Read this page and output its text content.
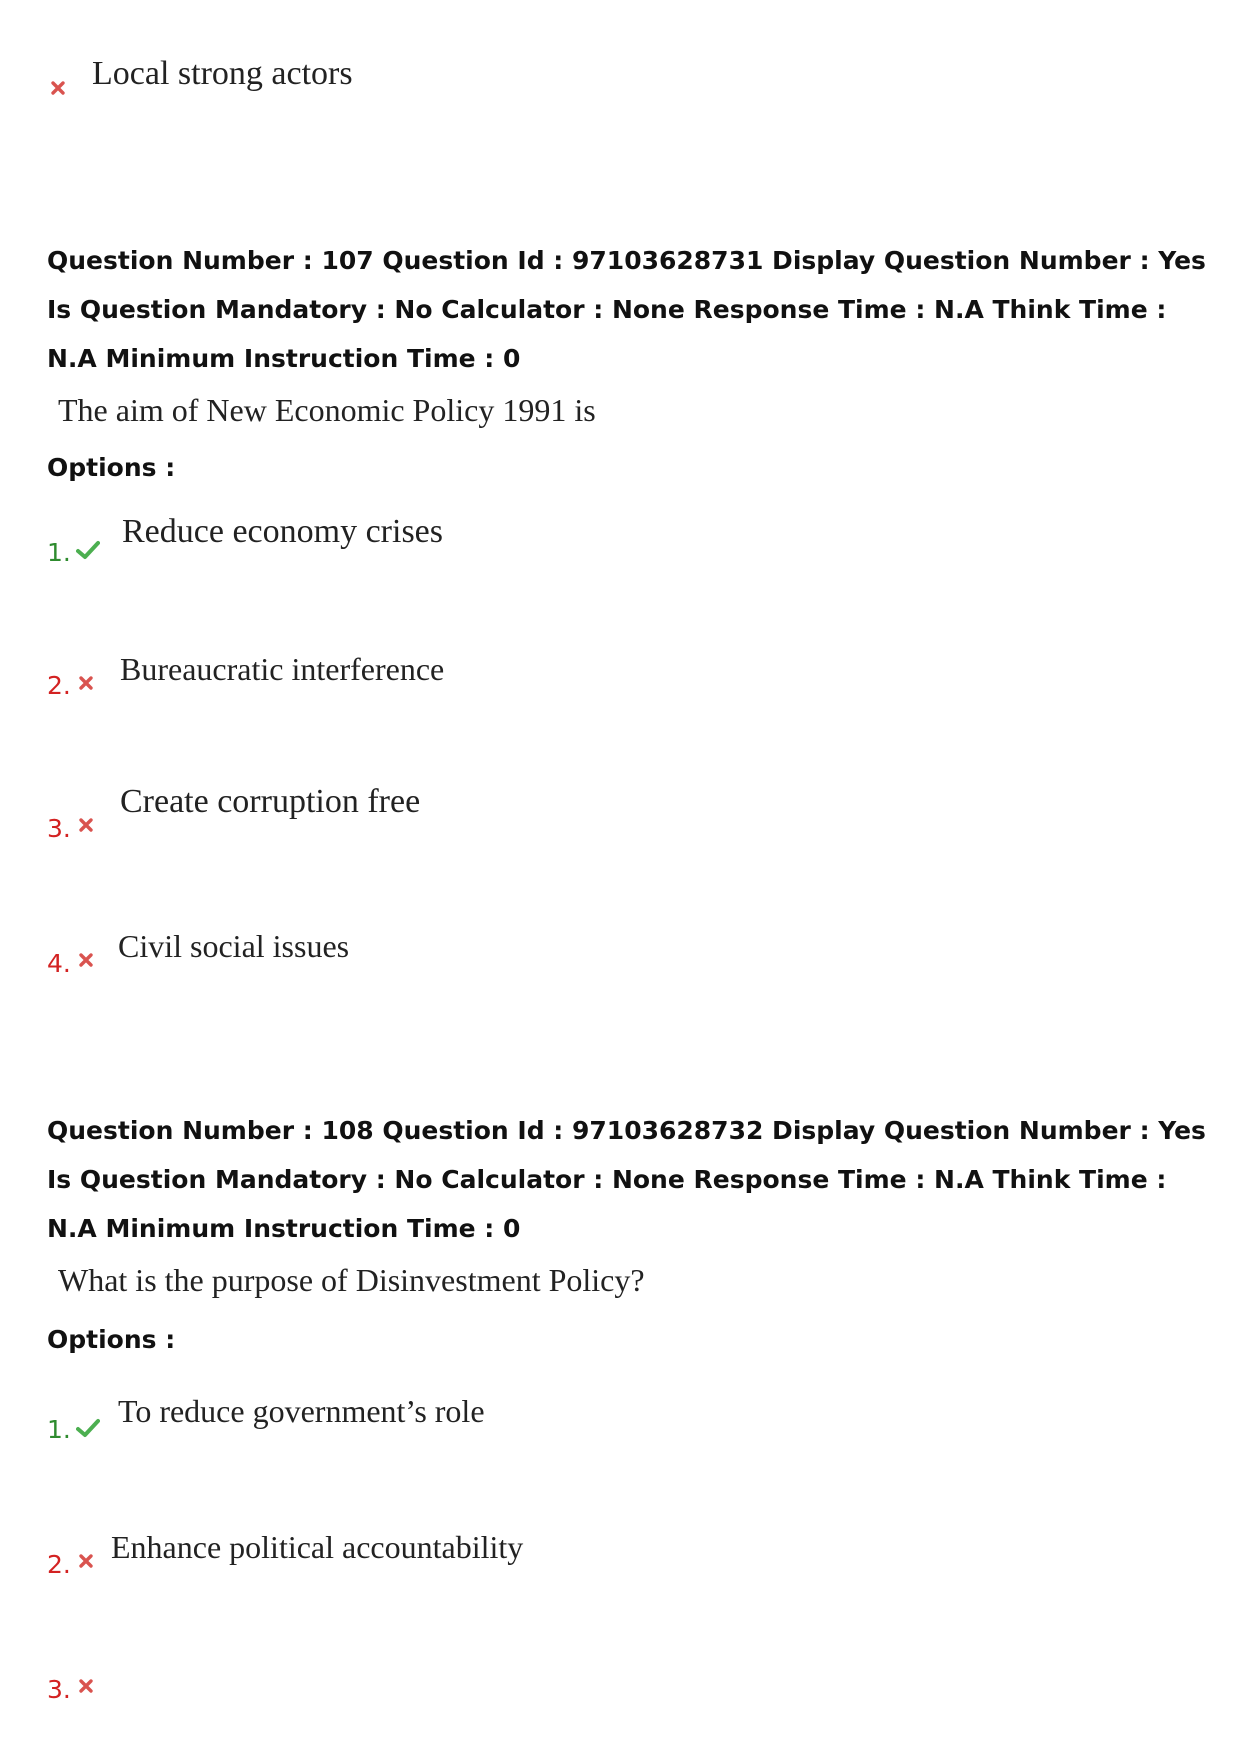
Local strong actors
Question Number : 107 Question Id : 97103628731 Display Question Number : Yes Is Question Mandatory : No Calculator : None Response Time : N.A Think Time : N.A Minimum Instruction Time : 0
The aim of New Economic Policy 1991 is
Options :
1.
Reduce economy crises
2. Bureaucratic interference
3.
Create corruption free
4. Civil social issues
Question Number : 108 Question Id : 97103628732 Display Question Number : Yes Is Question Mandatory : No Calculator : None Response Time : N.A Think Time : N.A Minimum Instruction Time : 0
What is the purpose of Disinvestment Policy?
Options :
1.
To reduce government’s role
2. Enhance political accountability
3.
